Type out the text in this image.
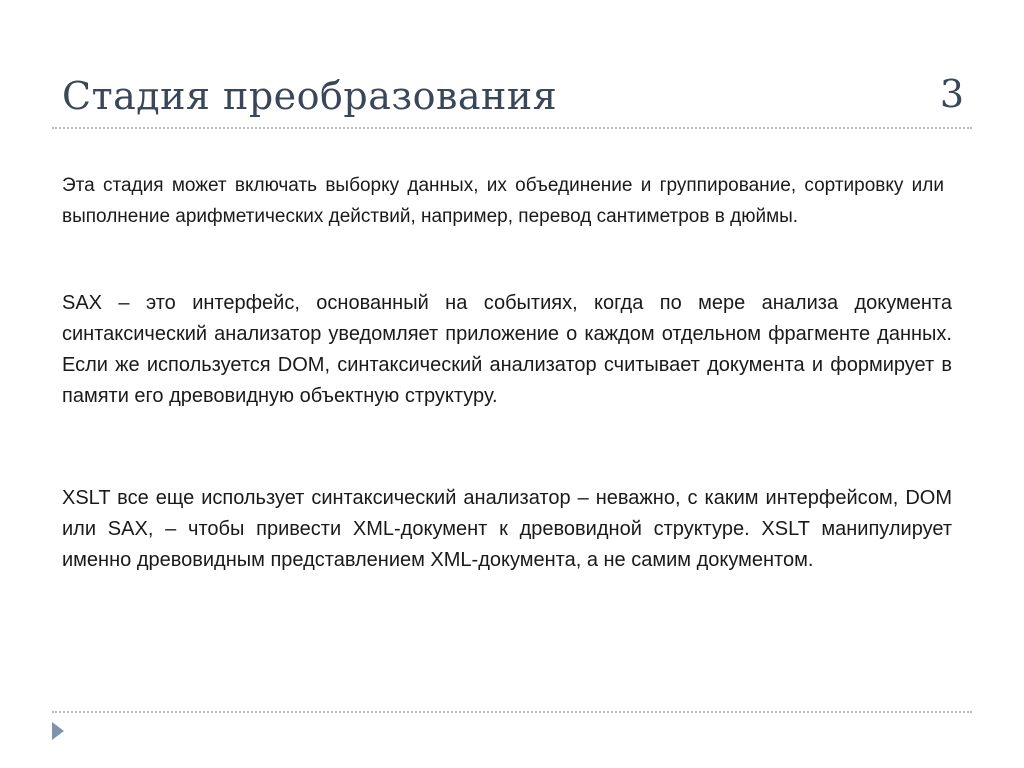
Стадия преобразования	3

Эта стадия может включать выборку данных, их объединение и группирование, сортировку или выполнение арифметических действий, например, перевод сантиметров в дюймы.

SAX – это интерфейс, основанный на событиях, когда по мере анализа документа синтаксический анализатор уведомляет приложение о каждом отдельном фрагменте данных. Если же используется DOM, синтаксический анализатор считывает документа и формирует в памяти его древовидную объектную структуру.

XSLT все еще использует синтаксический анализатор – неважно, с каким интерфейсом, DOM или SAX, – чтобы привести XML-документ к древовидной структуре. XSLT манипулирует именно древовидным представлением XML-документа, а не самим документом.
